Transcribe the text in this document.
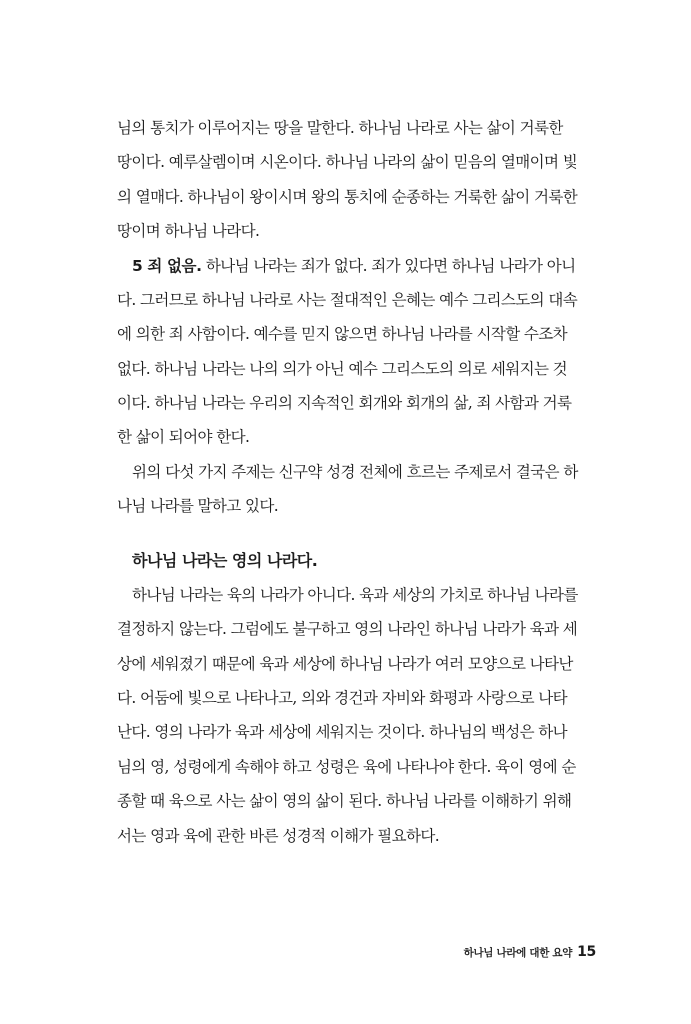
님의 통치가 이루어지는 땅을 말한다. 하나님 나라로 사는 삶이 거룩한
땅이다. 예루살렘이며 시온이다. 하나님 나라의 삶이 믿음의 열매이며 빛
의 열매다. 하나님이 왕이시며 왕의 통치에 순종하는 거룩한 삶이 거룩한
땅이며 하나님 나라다.
5 죄 없음. 하나님 나라는 죄가 없다. 죄가 있다면 하나님 나라가 아니
다. 그러므로 하나님 나라로 사는 절대적인 은혜는 예수 그리스도의 대속
에 의한 죄 사함이다. 예수를 믿지 않으면 하나님 나라를 시작할 수조차
없다. 하나님 나라는 나의 의가 아닌 예수 그리스도의 의로 세워지는 것
이다. 하나님 나라는 우리의 지속적인 회개와 회개의 삶, 죄 사함과 거룩
한 삶이 되어야 한다.
위의 다섯 가지 주제는 신구약 성경 전체에 흐르는 주제로서 결국은 하
나님 나라를 말하고 있다.
하나님 나라는 영의 나라다.
하나님 나라는 육의 나라가 아니다. 육과 세상의 가치로 하나님 나라를
결정하지 않는다. 그럼에도 불구하고 영의 나라인 하나님 나라가 육과 세
상에 세워졌기 때문에 육과 세상에 하나님 나라가 여러 모양으로 나타난
다. 어둠에 빛으로 나타나고, 의와 경건과 자비와 화평과 사랑으로 나타
난다. 영의 나라가 육과 세상에 세워지는 것이다. 하나님의 백성은 하나
님의 영, 성령에게 속해야 하고 성령은 육에 나타나야 한다. 육이 영에 순
종할 때 육으로 사는 삶이 영의 삶이 된다. 하나님 나라를 이해하기 위해
서는 영과 육에 관한 바른 성경적 이해가 필요하다.
하나님 나라에 대한 요약 15
